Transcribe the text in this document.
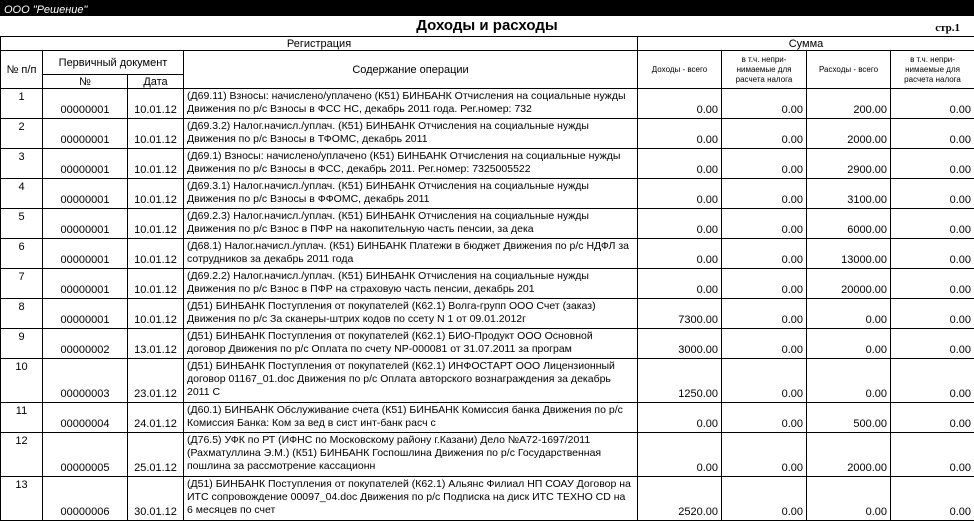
ООО "Решение"
Доходы и расходы	стр.1
Регистрация				Сумма			
№ п/п	Первичный документ		Содержание операции	Доходы - всего	в т.ч. непри- нимаемые для расчета налога	Расходы - всего	в т.ч. непри- нимаемые для расчета налога
	№	Дата					
1	00000001	10.01.12	(Д69.11) Взносы: начислено/уплачено (К51) БИНБАНК Отчисления на социальные нужды Движения по р/с Взносы в ФСС НС, декабрь 2011 года. Рег.номер: 732	0.00	0.00	200.00	0.00
2	00000001	10.01.12	(Д69.3.2) Налог.начисл./уплач. (К51) БИНБАНК Отчисления на социальные нужды Движения по р/с Взносы в ТФОМС, декабрь 2011	0.00	0.00	2000.00	0.00
3	00000001	10.01.12	(Д69.1) Взносы: начислено/уплачено (К51) БИНБАНК Отчисления на социальные нужды Движения по р/с Взносы в ФСС, декабрь 2011. Рег.номер: 7325005522	0.00	0.00	2900.00	0.00
4	00000001	10.01.12	(Д69.3.1) Налог.начисл./уплач. (К51) БИНБАНК Отчисления на социальные нужды Движения по р/с Взносы в ФФОМС, декабрь 2011	0.00	0.00	3100.00	0.00
5	00000001	10.01.12	(Д69.2.3) Налог.начисл./уплач. (К51) БИНБАНК Отчисления на социальные нужды Движения по р/с Взнос в ПФР на накопительную часть пенсии, за дека	0.00	0.00	6000.00	0.00
6	00000001	10.01.12	(Д68.1) Налог.начисл./уплач. (К51) БИНБАНК Платежи в бюджет Движения по р/с НДФЛ за сотрудников за декабрь 2011 года	0.00	0.00	13000.00	0.00
7	00000001	10.01.12	(Д69.2.2) Налог.начисл./уплач. (К51) БИНБАНК Отчисления на социальные нужды Движения по р/с Взнос в ПФР на страховую часть пенсии, декабрь 201	0.00	0.00	20000.00	0.00
8	00000001	10.01.12	(Д51) БИНБАНК Поступления от покупателей (К62.1) Волга-групп ООО Счет (заказ) Движения по р/с За сканеры-штрих кодов по ссету N 1 от 09.01.2012г	7300.00	0.00	0.00	0.00
9	00000002	13.01.12	(Д51) БИНБАНК Поступления от покупателей (К62.1) БИО-Продукт ООО Основной договор Движения по р/с Оплата по счету NP-000081 от 31.07.2011 за програм	3000.00	0.00	0.00	0.00
10	00000003	23.01.12	(Д51) БИНБАНК Поступления от покупателей (К62.1) ИНФОСТАРТ ООО Лицензионный договор 01167_01.doc Движения по р/с Оплата авторского вознаграждения за декабрь 2011 С	1250.00	0.00	0.00	0.00
11	00000004	24.01.12	(Д60.1) БИНБАНК Обслуживание счета (К51) БИНБАНК Комиссия банка Движения по р/с Комиссия Банка: Ком за вед в сист инт-банк расч с	0.00	0.00	500.00	0.00
12	00000005	25.01.12	(Д76.5) УФК по РТ (ИФНС по Московскому району г.Казани) Дело №А72-1697/2011 (Рахматуллина Э.М.) (К51) БИНБАНК Госпошлина Движения по р/с Государственная пошлина за рассмотрение кассационн	0.00	0.00	2000.00	0.00
13	00000006	30.01.12	(Д51) БИНБАНК Поступления от покупателей (К62.1) Альянс Филиал НП СОАУ Договор на ИТС сопровождение 00097_04.doc Движения по р/с Подписка на диск ИТС ТЕХНО CD на 6 месяцев по счет	2520.00	0.00	0.00	0.00
